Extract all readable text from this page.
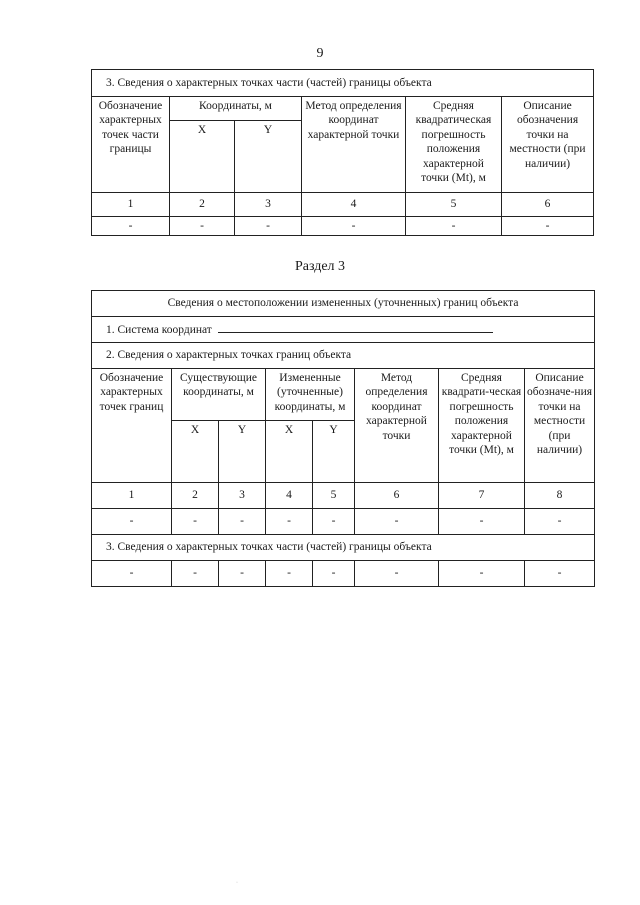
9
3. Сведения о характерных точках части (частей) границы объекта					
Обозначение характерных точек части границы	Координаты, м		Метод определения координат характерной точки	Средняя квадратическая погрешность положения характерной точки (Mt), м	Описание обозначения точки на местности (при наличии)
	X	Y			
1	2	3	4	5	6
-	-	-	-	-	-
Раздел 3
Сведения о местоположении измененных (уточненных) границ объекта							
1. Система координат							
2. Сведения о характерных точках границ объекта							
Обозначение характерных точек границ	Существующие координаты, м		Измененные (уточненные) координаты, м		Метод определения координат характерной точки	Средняя квадрати-ческая погрешность положения характерной точки (Mt), м	Описание обозначе-ния точки на местности (при наличии)
	X	Y	X	Y			
1	2	3	4	5	6	7	8
-	-	-	-	-	-	-	-
3. Сведения о характерных точках части (частей) границы объекта							
-	-	-	-	-	-	-	-
·
